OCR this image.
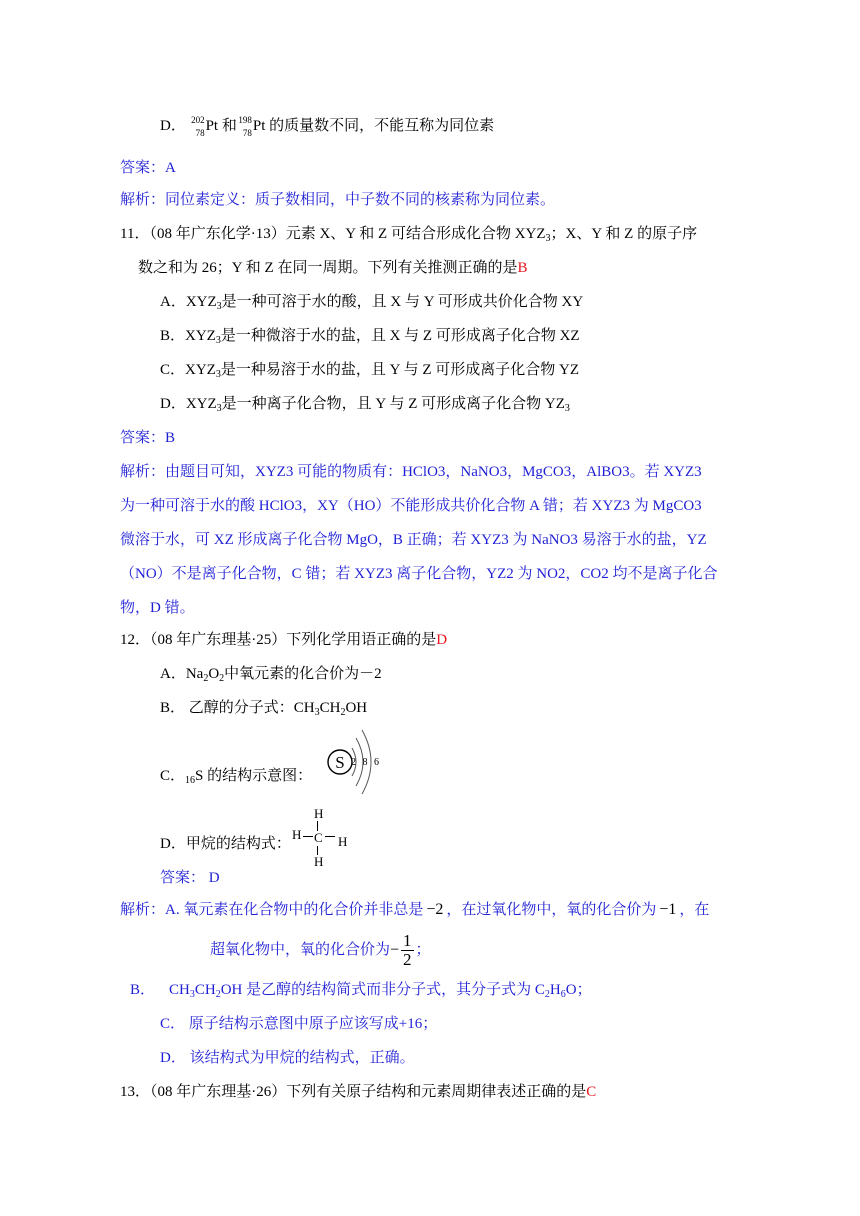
D． 202
78 Pt 和 198
78 Pt 的质量数不同，不能互称为同位素
答案：A
解析：同位素定义：质子数相同，中子数不同的核素称为同位素。
11．（08 年广东化学·13）元素 X、Y 和 Z 可结合形成化合物 $XYZ_3$；X、Y 和 Z 的原子序
数之和为 26；Y 和 Z 在同一周期。下列有关推测正确的是B
A．$XYZ_3$是一种可溶于水的酸，且 X 与 Y 可形成共价化合物 XY
B．$XYZ_3$是一种微溶于水的盐，且 X 与 Z 可形成离子化合物 XZ
C．$XYZ_3$是一种易溶于水的盐，且 Y 与 Z 可形成离子化合物 YZ
D．$XYZ_3$是一种离子化合物，且 Y 与 Z 可形成离子化合物 $YZ_3$
答案：B
解析：由题目可知，XYZ3 可能的物质有：HClO3，NaNO3，MgCO3，AlBO3。若 XYZ3
为一种可溶于水的酸 HClO3，XY（HO）不能形成共价化合物 A 错；若 XYZ3 为 MgCO3
微溶于水，可 XZ 形成离子化合物 MgO，B 正确；若 XYZ3 为 NaNO3 易溶于水的盐，YZ
（NO）不是离子化合物，C 错；若 XYZ3 离子化合物，YZ2 为 NO2，CO2 均不是离子化合
物，D 错。
12．（08 年广东理基·25）下列化学用语正确的是D
A．$Na_2O_2$中氧元素的化合价为－2
B． 乙醇的分子式：$CH_3CH_2OH$
C．$_{16}$S 的结构示意图：
S 2 8 6
D．甲烷的结构式：
H
H C H
H
答案： D
解析：A. 氧元素在化合物中的化合价并非总是 −2 ，在过氧化物中，氧的化合价为 −1 ，在
超氧化物中，氧的化合价为− $\frac{1}{2}$ ；
B． $CH_3CH_2OH$ 是乙醇的结构简式而非分子式，其分子式为 $C_2H_6O$；
C． 原子结构示意图中原子应该写成+16；
D． 该结构式为甲烷的结构式，正确。
13．（08 年广东理基·26）下列有关原子结构和元素周期律表述正确的是C
